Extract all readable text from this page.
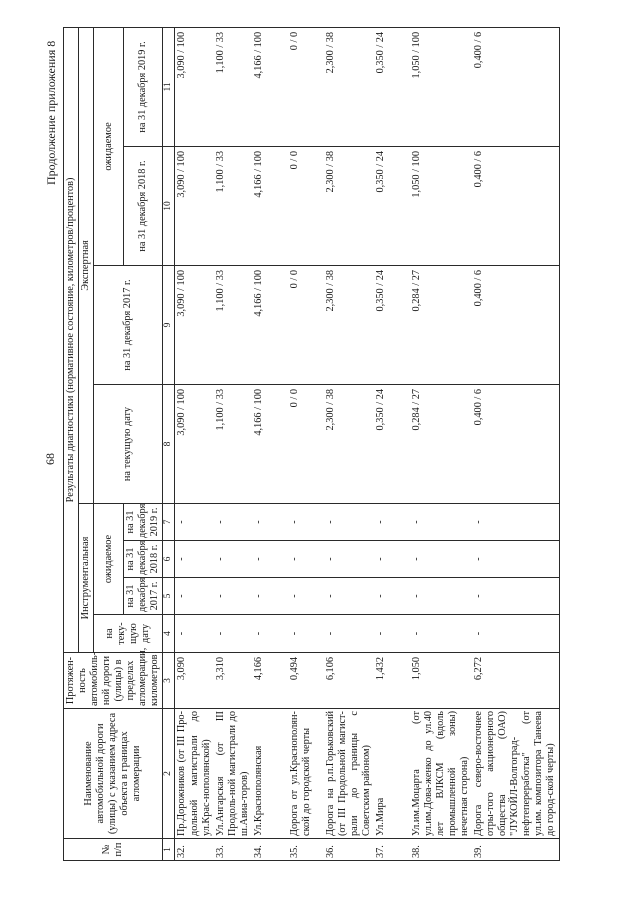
68
Продолжение приложения 8
№ п/п	Наименование автомобильной дороги (улицы) с указанием адреса объекта в границах агломерации	Протяжен-ность автомобиль-ной дороги (улицы) в пределах агломерации, километров	Результаты диагностики (нормативное состояние, километров/процентов)							
			Инструментальная				Экспертная			
			на теку-щую дату	ожидаемое			на текущую дату	на 31 декабря 2017 г.	ожидаемое	
				на 31 декабря 2017 г.	на 31 декабря 2018 г.	на 31 декабря 2019 г.			на 31 декабря 2018 г.	на 31 декабря 2019 г.
1	2	3	4	5	6	7	8	9	10	11
32.	Пр.Дорожников (от III Про-дольной магистрали до ул.Крас-нополянской)	3,090	-	-	-	-	3,090 / 100	3,090 / 100	3,090 / 100	3,090 / 100
33.	Ул.Ангарская (от III Продоль-ной магистрали до ш.Авиа-торов)	3,310	-	-	-	-	1,100 / 33	1,100 / 33	1,100 / 33	1,100 / 33
34.	Ул.Краснополянская	4,166	-	-	-	-	4,166 / 100	4,166 / 100	4,166 / 100	4,166 / 100
35.	Дорога от ул.Краснополян-ской до городской черты	0,494	-	-	-	-	0 / 0	0 / 0	0 / 0	0 / 0
36.	Дорога на р.п.Горьковский (от III Продольной магист-рали до границы с Советским районом)	6,106	-	-	-	-	2,300 / 38	2,300 / 38	2,300 / 38	2,300 / 38
37.	Ул.Мира	1,432	-	-	-	-	0,350 / 24	0,350 / 24	0,350 / 24	0,350 / 24
38.	Ул.им.Моцарта (от ул.им.Дова-женко до ул.40 лет ВЛКСМ (вдоль промышленной зоны) нечетная сторона)	1,050	-	-	-	-	0,284 / 27	0,284 / 27	1,050 / 100	1,050 / 100
39.	Дорога северо-восточнее отры-того акционерного общества (ОАО) "ЛУКОЙЛ-Волгоград-нефтепереработка" (от ул.им. композитора Танеева до город-ской черты)	6,272	-	-	-	-	0,400 / 6	0,400 / 6	0,400 / 6	0,400 / 6
